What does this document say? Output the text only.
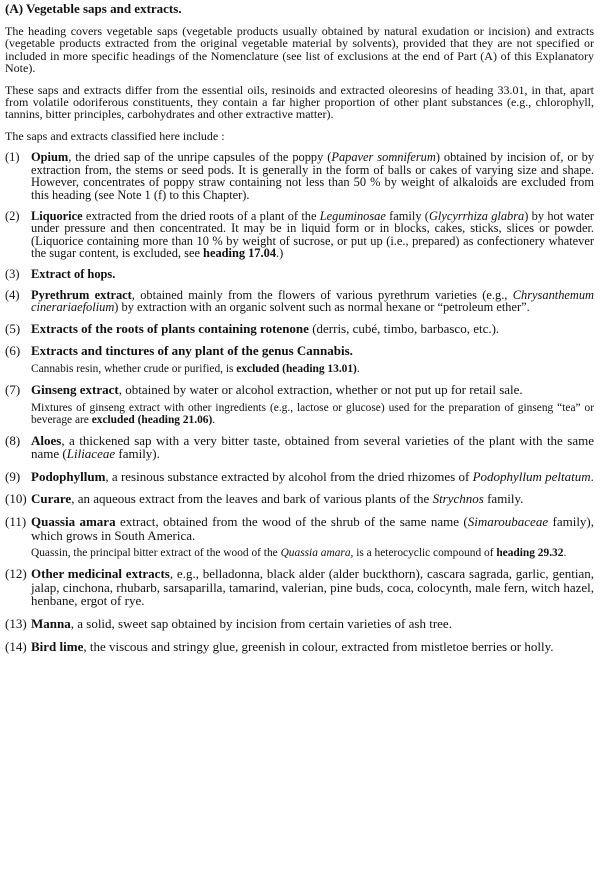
(A) Vegetable saps and extracts.

The heading covers vegetable saps (vegetable products usually obtained by natural exudation or incision) and extracts (vegetable products extracted from the original vegetable material by solvents), provided that they are not specified or included in more specific headings of the Nomenclature (see list of exclusions at the end of Part (A) of this Explanatory Note).

These saps and extracts differ from the essential oils, resinoids and extracted oleoresins of heading 33.01, in that, apart from volatile odoriferous constituents, they contain a far higher proportion of other plant substances (e.g., chlorophyll, tannins, bitter principles, carbohydrates and other extractive matter).

The saps and extracts classified here include :

(1) Opium, the dried sap of the unripe capsules of the poppy (Papaver somniferum) obtained by incision of, or by extraction from, the stems or seed pods. It is generally in the form of balls or cakes of varying size and shape. However, concentrates of poppy straw containing not less than 50 % by weight of alkaloids are excluded from this heading (see Note 1 (f) to this Chapter).
(2) Liquorice extracted from the dried roots of a plant of the Leguminosae family (Glycyrrhiza glabra) by hot water under pressure and then concentrated. It may be in liquid form or in blocks, cakes, sticks, slices or powder. (Liquorice containing more than 10 % by weight of sucrose, or put up (i.e., prepared) as confectionery whatever the sugar content, is excluded, see heading 17.04.)
(3) Extract of hops.
(4) Pyrethrum extract, obtained mainly from the flowers of various pyrethrum varieties (e.g., Chrysanthemum cinerariaefolium) by extraction with an organic solvent such as normal hexane or “petroleum ether”.
(5) Extracts of the roots of plants containing rotenone (derris, cubé, timbo, barbasco, etc.).
(6) Extracts and tinctures of any plant of the genus Cannabis.

Cannabis resin, whether crude or purified, is excluded (heading 13.01).

(7) Ginseng extract, obtained by water or alcohol extraction, whether or not put up for retail sale.

Mixtures of ginseng extract with other ingredients (e.g., lactose or glucose) used for the preparation of ginseng “tea” or beverage are excluded (heading 21.06).

(8) Aloes, a thickened sap with a very bitter taste, obtained from several varieties of the plant with the same name (Liliaceae family).
(9) Podophyllum, a resinous substance extracted by alcohol from the dried rhizomes of Podophyllum peltatum.
(10) Curare, an aqueous extract from the leaves and bark of various plants of the Strychnos family.
(11) Quassia amara extract, obtained from the wood of the shrub of the same name (Simaroubaceae family), which grows in South America.

Quassin, the principal bitter extract of the wood of the Quassia amara, is a heterocyclic compound of heading 29.32.

(12) Other medicinal extracts, e.g., belladonna, black alder (alder buckthorn), cascara sagrada, garlic, gentian, jalap, cinchona, rhubarb, sarsaparilla, tamarind, valerian, pine buds, coca, colocynth, male fern, witch hazel, henbane, ergot of rye.
(13) Manna, a solid, sweet sap obtained by incision from certain varieties of ash tree.
(14) Bird lime, the viscous and stringy glue, greenish in colour, extracted from mistletoe berries or holly.
